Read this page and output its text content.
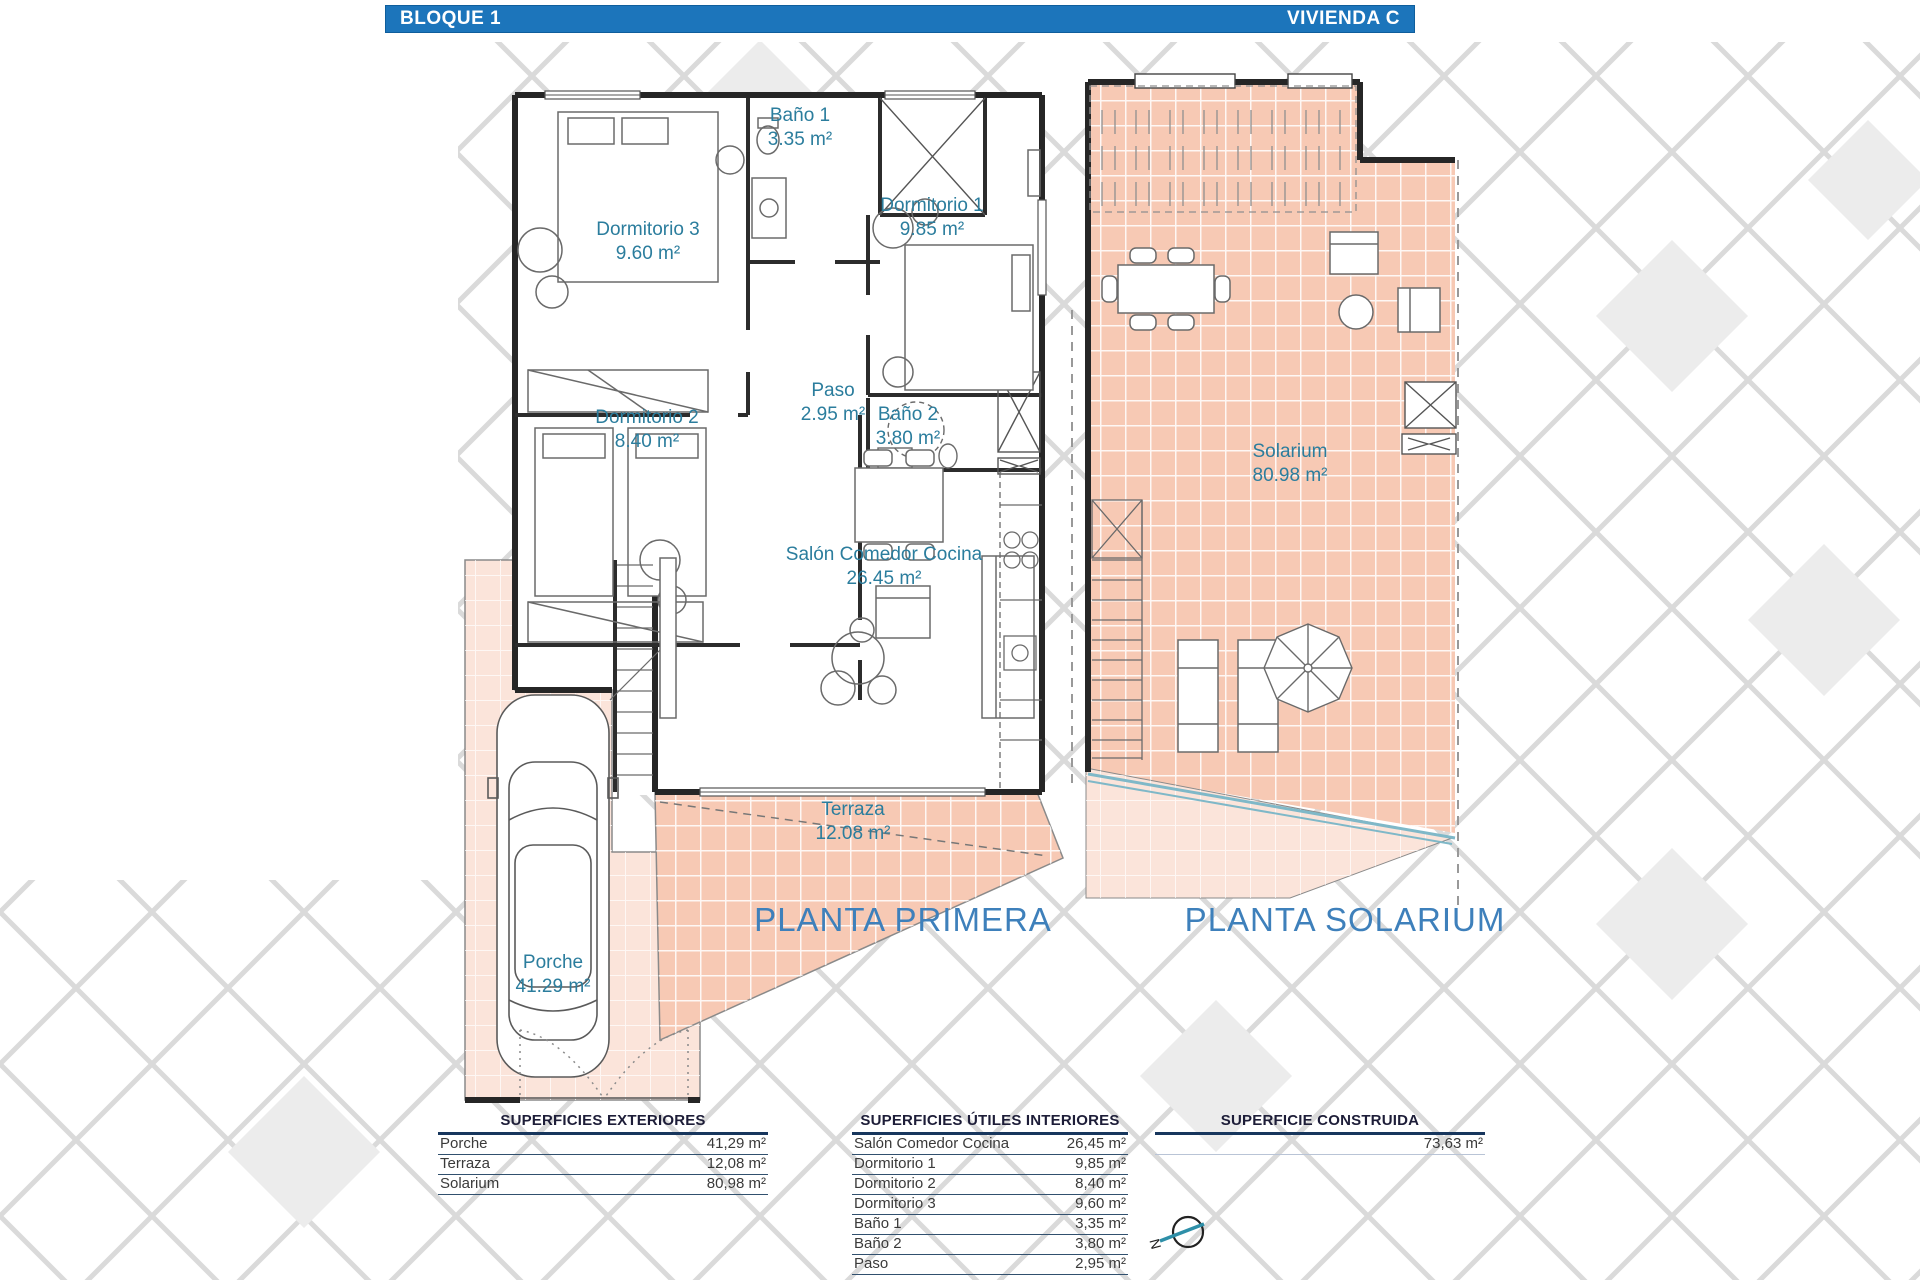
BLOQUE 1	VIVIENDA C
PLANTA PRIMERA	PLANTA SOLARIUM
Baño 1
3.35 m²
Dormitorio 3
9.60 m²
Dormitorio 1
9.85 m²
Dormitorio 2
8.40 m²
Paso
2.95 m² Baño 2
3.80 m²
Salón Comedor Cocina
26.45 m²
Terraza
12.08 m²
Porche
41.29 m²
Solarium
80.98 m²
SUPERFICIES EXTERIORES
Porche	41,29 m²
Terraza	12,08 m²
Solarium	80,98 m²
SUPERFICIES ÚTILES INTERIORES
Salón Comedor Cocina	26,45 m²
Dormitorio 1	9,85 m²
Dormitorio 2	8,40 m²
Dormitorio 3	9,60 m²
Baño 1	3,35 m²
Baño 2	3,80 m²
Paso	2,95 m²
SUPERFICIE CONSTRUIDA
73,63 m²
N
